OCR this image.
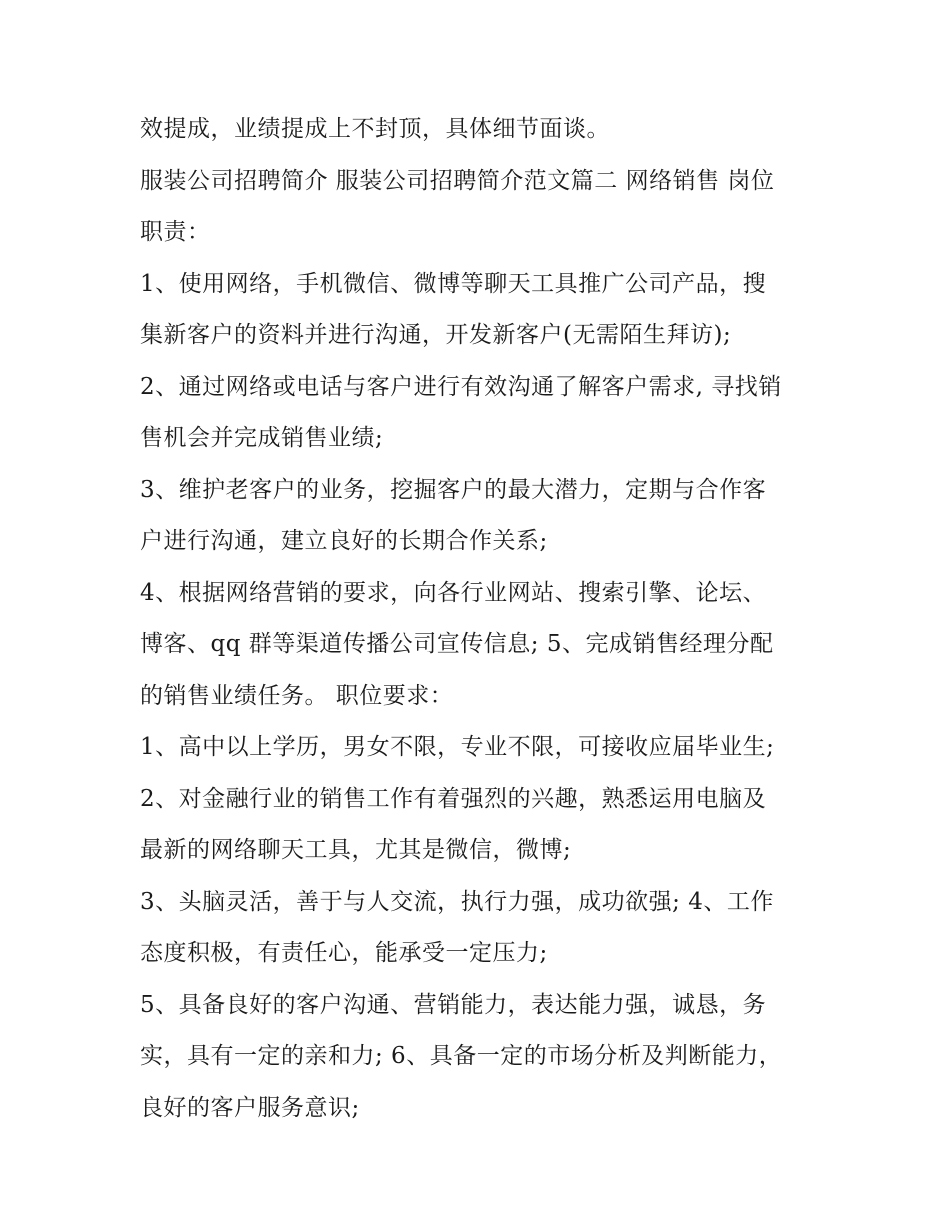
效提成，业绩提成上不封顶，具体细节面谈。

服装公司招聘简介 服装公司招聘简介范文篇二 网络销售 岗位

职责：

1、使用网络，手机微信、微博等聊天工具推广公司产品，搜

集新客户的资料并进行沟通，开发新客户(无需陌生拜访);

2、通过网络或电话与客户进行有效沟通了解客户需求, 寻找销

售机会并完成销售业绩;

3、维护老客户的业务，挖掘客户的最大潜力，定期与合作客

户进行沟通，建立良好的长期合作关系;

4、根据网络营销的要求，向各行业网站、搜索引擎、论坛、

博客、qq 群等渠道传播公司宣传信息; 5、完成销售经理分配

的销售业绩任务。 职位要求：

1、高中以上学历，男女不限，专业不限，可接收应届毕业生;

2、对金融行业的销售工作有着强烈的兴趣，熟悉运用电脑及

最新的网络聊天工具，尤其是微信，微博;

3、头脑灵活，善于与人交流，执行力强，成功欲强; 4、工作

态度积极，有责任心，能承受一定压力;

5、具备良好的客户沟通、营销能力，表达能力强，诚恳，务

实，具有一定的亲和力; 6、具备一定的市场分析及判断能力，

良好的客户服务意识;
